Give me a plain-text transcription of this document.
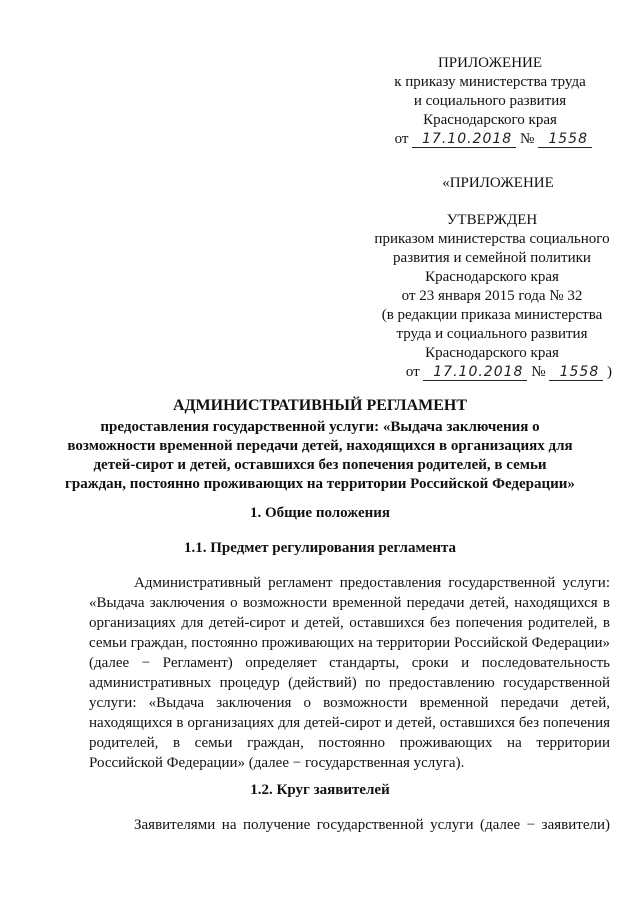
ПРИЛОЖЕНИЕ
к приказу министерства труда
и социального развития
Краснодарского края
от 17.10.2018 № 1558
«ПРИЛОЖЕНИЕ
УТВЕРЖДЕН
приказом министерства социального
развития и семейной политики
Краснодарского края
от 23 января 2015 года № 32
(в редакции приказа министерства
труда и социального развития
Краснодарского края
от 17.10.2018 № 1558 )
АДМИНИСТРАТИВНЫЙ РЕГЛАМЕНТ
предоставления государственной услуги: «Выдача заключения о
возможности временной передачи детей, находящихся в организациях для
детей-сирот и детей, оставшихся без попечения родителей, в семьи
граждан, постоянно проживающих на территории Российской Федерации»
1. Общие положения
1.1. Предмет регулирования регламента

Административный регламент предоставления государственной услуги: «Выдача заключения о возможности временной передачи детей, находящихся в организациях для детей-сирот и детей, оставшихся без попечения родителей, в семьи граждан, постоянно проживающих на территории Российской Федерации» (далее − Регламент) определяет стандарты, сроки и последовательность административных процедур (действий) по предоставлению государственной услуги: «Выдача заключения о возможности временной передачи детей, находящихся в организациях для детей-сирот и детей, оставшихся без попечения родителей, в семьи граждан, постоянно проживающих на территории Российской Федерации» (далее − государственная услуга).

1.2. Круг заявителей

Заявителями на получение государственной услуги (далее − заявители)
